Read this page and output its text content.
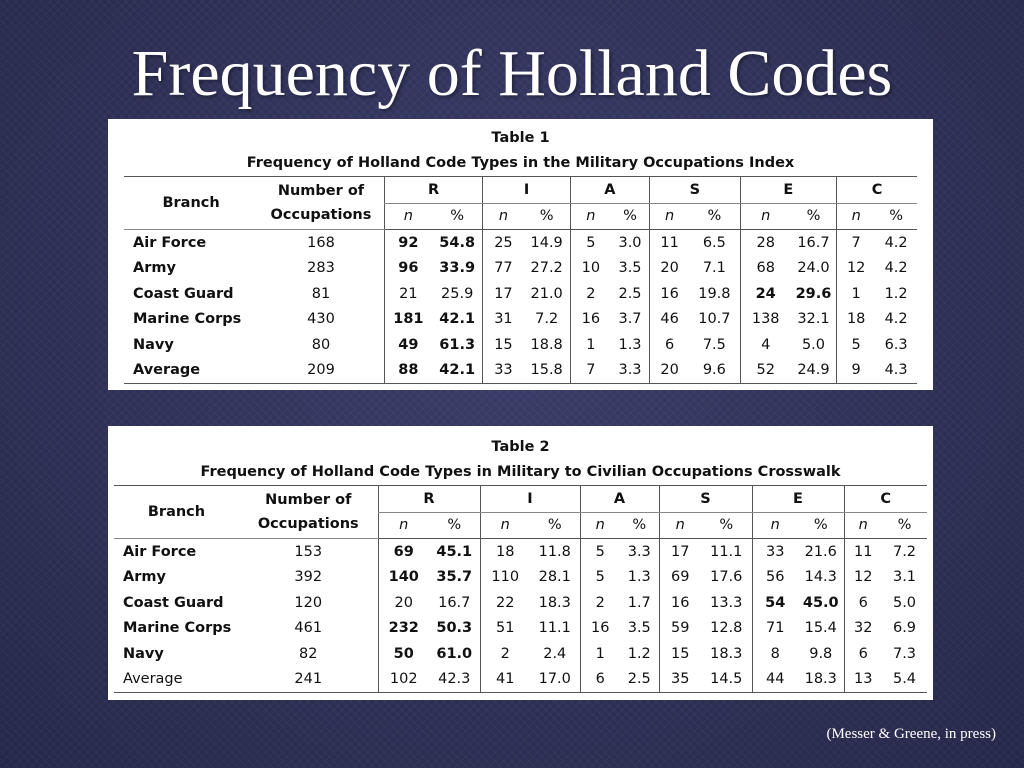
Frequency of Holland Codes
Table 1
Frequency of Holland Code Types in the Military Occupations Index
Branch	Number of Occupations	R		I		A		S		E		C	
		n	%	n	%	n	%	n	%	n	%	n	%
Air Force	168	92	54.8	25	14.9	5	3.0	11	6.5	28	16.7	7	4.2
Army	283	96	33.9	77	27.2	10	3.5	20	7.1	68	24.0	12	4.2
Coast Guard	81	21	25.9	17	21.0	2	2.5	16	19.8	24	29.6	1	1.2
Marine Corps	430	181	42.1	31	7.2	16	3.7	46	10.7	138	32.1	18	4.2
Navy	80	49	61.3	15	18.8	1	1.3	6	7.5	4	5.0	5	6.3
Average	209	88	42.1	33	15.8	7	3.3	20	9.6	52	24.9	9	4.3
Table 2
Frequency of Holland Code Types in Military to Civilian Occupations Crosswalk
Branch	Number of Occupations	R		I		A		S		E		C	
		n	%	n	%	n	%	n	%	n	%	n	%
Air Force	153	69	45.1	18	11.8	5	3.3	17	11.1	33	21.6	11	7.2
Army	392	140	35.7	110	28.1	5	1.3	69	17.6	56	14.3	12	3.1
Coast Guard	120	20	16.7	22	18.3	2	1.7	16	13.3	54	45.0	6	5.0
Marine Corps	461	232	50.3	51	11.1	16	3.5	59	12.8	71	15.4	32	6.9
Navy	82	50	61.0	2	2.4	1	1.2	15	18.3	8	9.8	6	7.3
Average	241	102	42.3	41	17.0	6	2.5	35	14.5	44	18.3	13	5.4
(Messer & Greene, in press)
